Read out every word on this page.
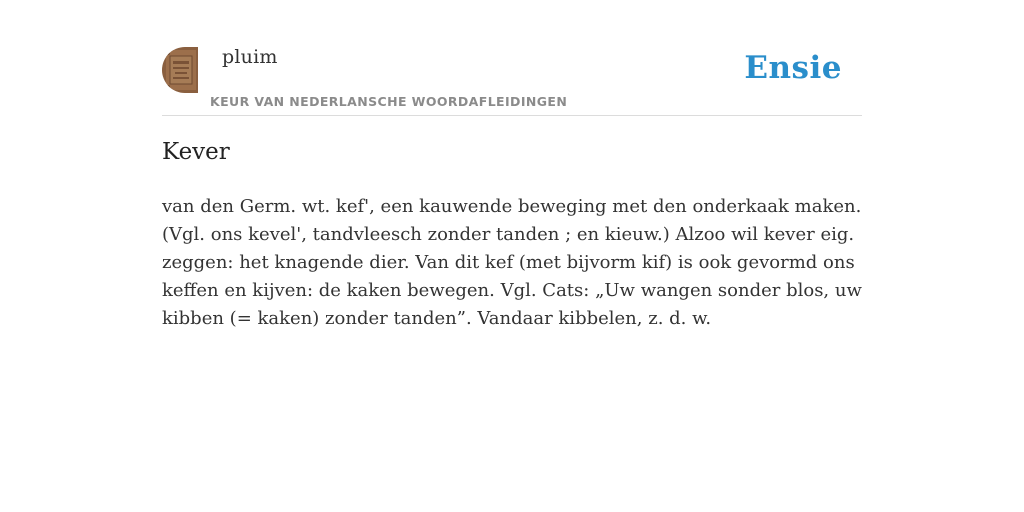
pluim
KEUR VAN NEDERLANSCHE WOORDAFLEIDINGEN
Ensie
Kever

van den Germ. wt. kef', een kauwende beweging met den onderkaak maken. (Vgl. ons kevel', tandvleesch zonder tanden ; en kieuw.) Alzoo wil kever eig. zeggen: het knagende dier. Van dit kef (met bijvorm kif) is ook gevormd ons keffen en kijven: de kaken bewegen. Vgl. Cats: „Uw wangen sonder blos, uw kibben (= kaken) zonder tanden”. Vandaar kibbelen, z. d. w.
